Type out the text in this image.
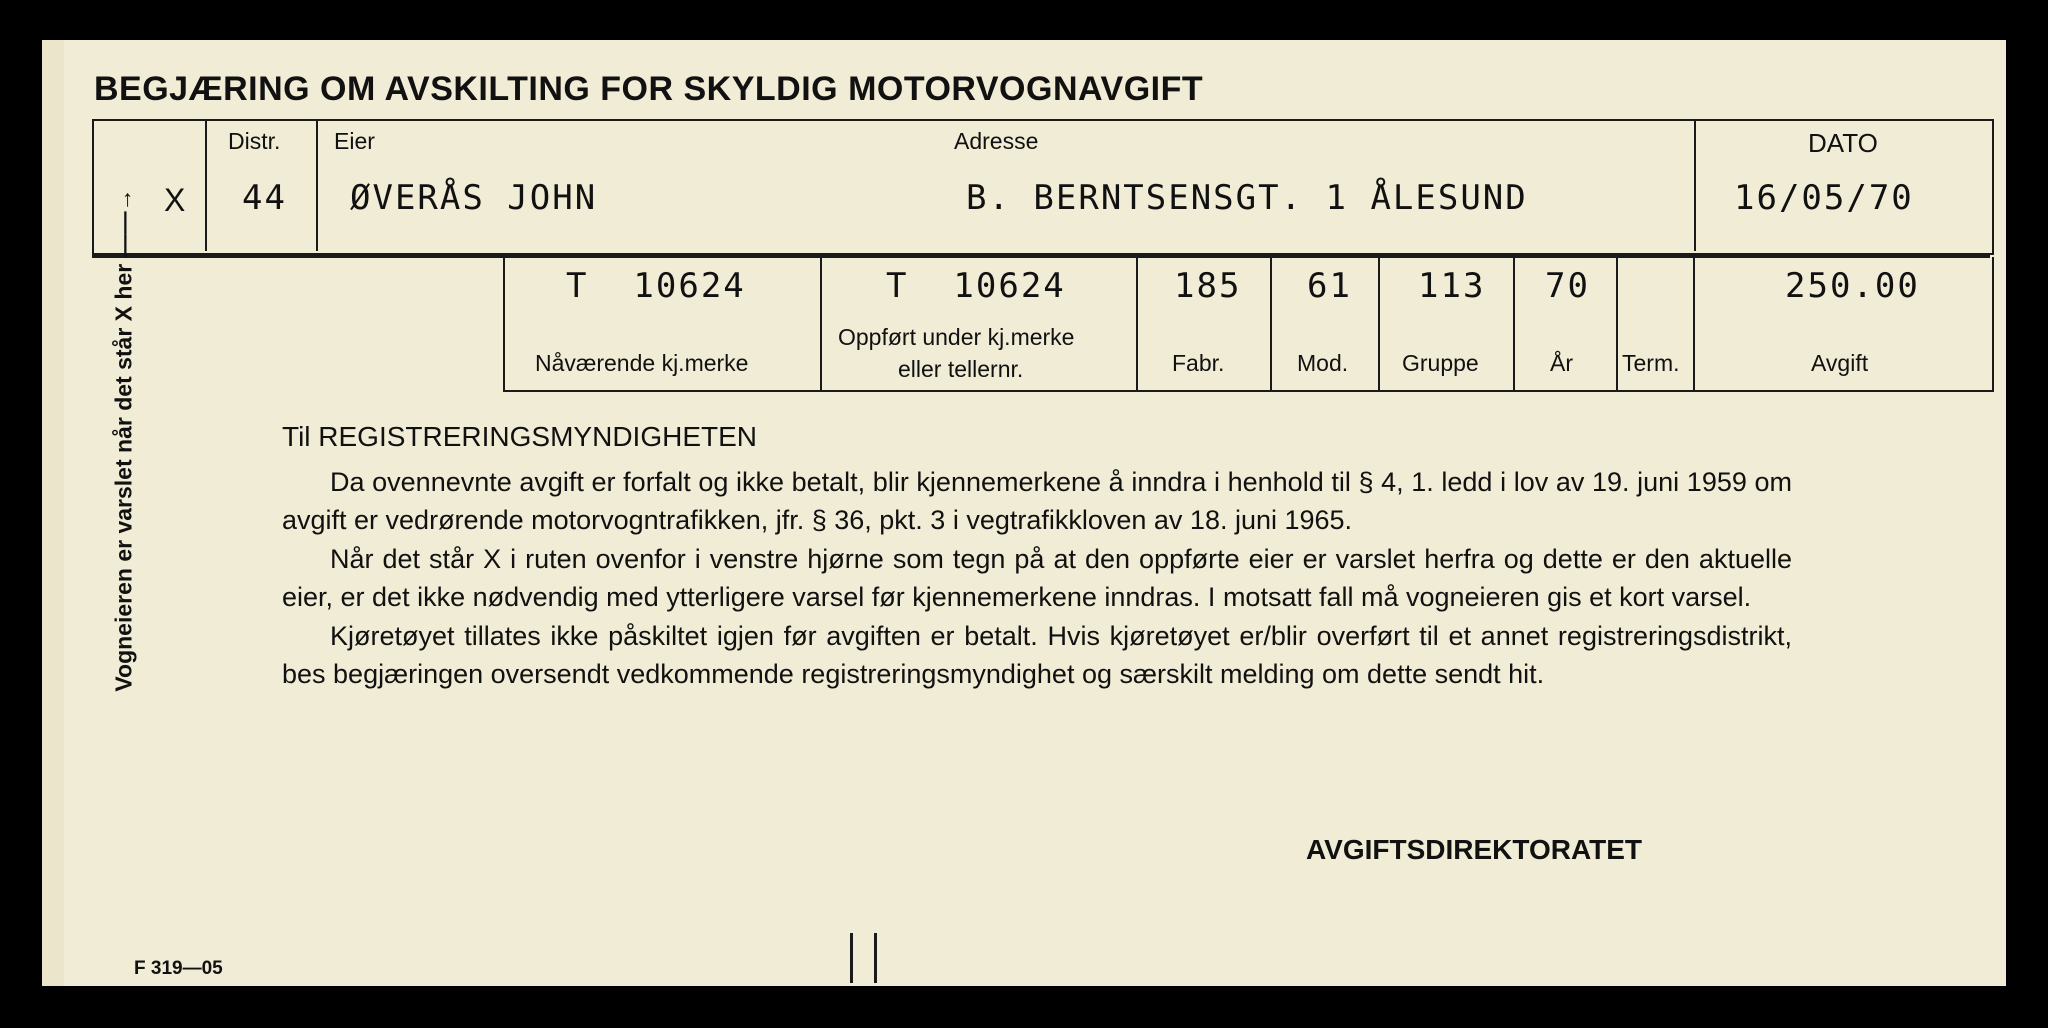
BEGJÆRING OM AVSKILTING FOR SKYLDIG MOTORVOGNAVGIFT
X
Distr.
44
Eier
ØVERÅS JOHN
Adresse
B. BERNTSENSGT. 1 ÅLESUND
DATO
16/05/70
T  10624
Nåværende kj.merke
T  10624
Oppført under kj.merke
eller tellernr.
185
Fabr.
61
Mod.
113
Gruppe
70
År Term.
250.00
Avgift
Vogneieren er varslet når det står X her ——→

Til REGISTRERINGSMYNDIGHETEN

Da ovennevnte avgift er forfalt og ikke betalt, blir kjennemerkene å inndra i henhold til § 4, 1. ledd i lov av 19. juni 1959 om avgift er vedrørende motorvogntrafikken, jfr. § 36, pkt. 3 i vegtrafikkloven av 18. juni 1965.

Når det står X i ruten ovenfor i venstre hjørne som tegn på at den oppførte eier er varslet herfra og dette er den aktuelle eier, er det ikke nødvendig med ytterligere varsel før kjennemerkene inndras. I motsatt fall må vogneieren gis et kort varsel.

Kjøretøyet tillates ikke påskiltet igjen før avgiften er betalt. Hvis kjøretøyet er/blir overført til et annet registreringsdistrikt, bes begjæringen oversendt vedkommende registreringsmyndighet og særskilt melding om dette sendt hit.

AVGIFTSDIREKTORATET
F 319—05
